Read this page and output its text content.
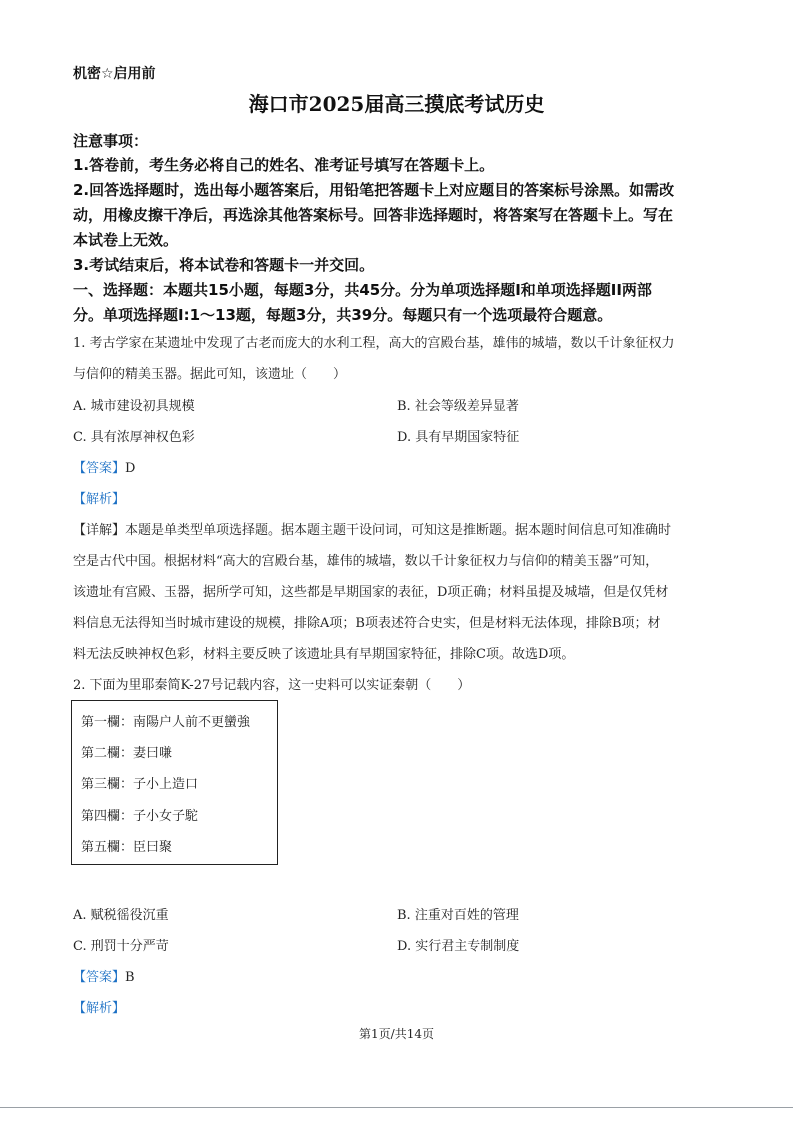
机密☆启用前
海口市2025届高三摸底考试历史
注意事项：
1.答卷前，考生务必将自己的姓名、准考证号填写在答题卡上。
2.回答选择题时，选出每小题答案后，用铅笔把答题卡上对应题目的答案标号涂黑。如需改
动，用橡皮擦干净后，再选涂其他答案标号。回答非选择题时，将答案写在答题卡上。写在
本试卷上无效。
3.考试结束后，将本试卷和答题卡一并交回。
一、选择题：本题共15小题，每题3分，共45分。分为单项选择题I和单项选择题II两部
分。单项选择题I:1～13题，每题3分，共39分。每题只有一个选项最符合题意。
1. 考古学家在某遗址中发现了古老而庞大的水利工程，高大的宫殿台基，雄伟的城墙，数以千计象征权力
与信仰的精美玉器。据此可知，该遗址（　　）
A. 城市建设初具规模	B. 社会等级差异显著
C. 具有浓厚神权色彩	D. 具有早期国家特征
【答案】D
【解析】
【详解】本题是单类型单项选择题。据本题主题干设问词，可知这是推断题。据本题时间信息可知准确时
空是古代中国。根据材料“高大的宫殿台基，雄伟的城墙，数以千计象征权力与信仰的精美玉器”可知，
该遗址有宫殿、玉器，据所学可知，这些都是早期国家的表征，D项正确；材料虽提及城墙，但是仅凭材
料信息无法得知当时城市建设的规模，排除A项；B项表述符合史实，但是材料无法体现，排除B项；材
料无法反映神权色彩，材料主要反映了该遗址具有早期国家特征，排除C项。故选D项。
2. 下面为里耶秦简K-27号记载内容，这一史料可以实证秦朝（　　）
第一欄：南陽户人前不更蠻強
第二欄：妻曰嗛
第三欄：子小上造口
第四欄：子小女子駝
第五欄：臣曰聚
A. 赋税徭役沉重	B. 注重对百姓的管理
C. 刑罚十分严苛	D. 实行君主专制制度
【答案】B
【解析】
第1页/共14页
